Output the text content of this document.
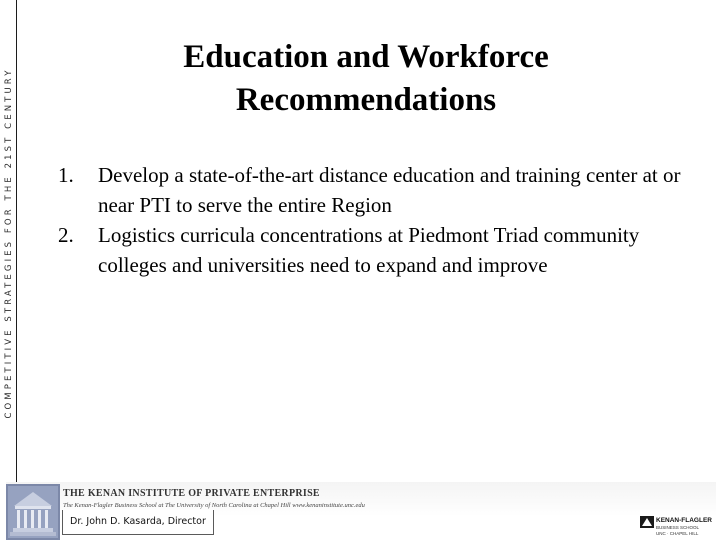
COMPETITIVE STRATEGIES FOR THE 21ST CENTURY
Education and Workforce
Recommendations
1. Develop a state-of-the-art distance education and training center at or near PTI to serve the entire Region
2. Logistics curricula concentrations at Piedmont Triad community colleges and universities need to expand and improve
THE KENAN INSTITUTE OF PRIVATE ENTERPRISE
The Kenan-Flagler Business School at The University of North Carolina at Chapel Hill www.kenaninstitute.unc.edu
Dr. John D. Kasarda, Director	KENAN-FLAGLER
BUSINESS SCHOOL
UNC · CHAPEL HILL
